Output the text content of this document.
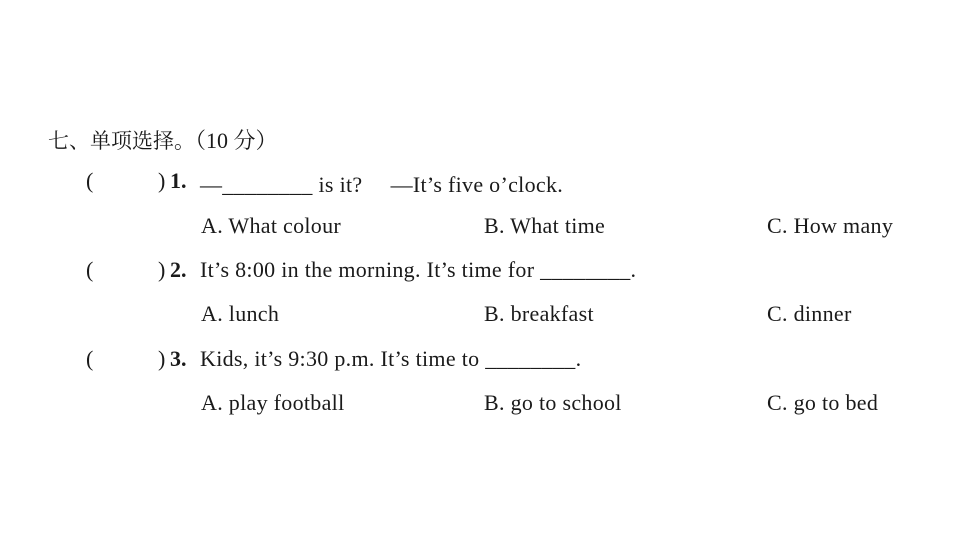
七、单项选择。（10 分）
(	) 1. —________ is it?　 —It’s five o’clock.
A. What colour	B. What time	C. How many
(	) 2. It’s 8:00 in the morning. It’s time for ________.
A. lunch	B. breakfast	C. dinner
(	) 3. Kids, it’s 9:30 p.m. It’s time to ________.
A. play football	B. go to school	C. go to bed
